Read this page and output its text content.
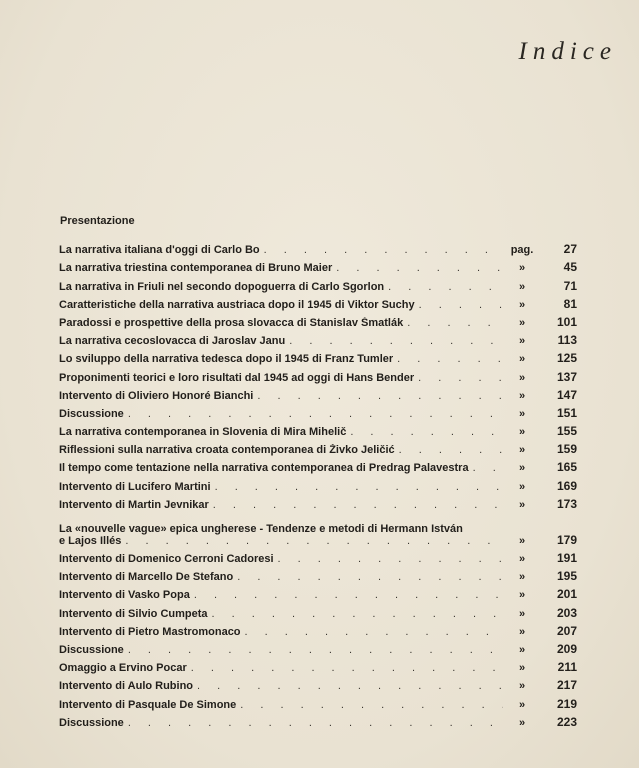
Indice
Presentazione
La narrativa italiana d'oggi di Carlo Bo . . .	pag.	27
La narrativa triestina contemporanea di Bruno Maier . . .	»	45
La narrativa in Friuli nel secondo dopoguerra di Carlo Sgorlon . . .	»	71
Caratteristiche della narrativa austriaca dopo il 1945 di Viktor Suchy . . .	»	81
Paradossi e prospettive della prosa slovacca di Stanislav Šmatlák . . .	»	101
La narrativa cecoslovacca di Jaroslav Janu . . .	»	113
Lo sviluppo della narrativa tedesca dopo il 1945 di Franz Tumler . . .	»	125
Proponimenti teorici e loro risultati dal 1945 ad oggi di Hans Bender . . .	»	137
Intervento di Oliviero Honoré Bianchi . . .	»	147
Discussione . . .	»	151
La narrativa contemporanea in Slovenia di Mira Mihelič . . .	»	155
Riflessioni sulla narrativa croata contemporanea di Živko Jeličić . . .	»	159
Il tempo come tentazione nella narrativa contemporanea di Predrag Palavestra . . .	»	165
Intervento di Lucifero Martini . . .	»	169
Intervento di Martin Jevnikar . . .	»	173
La «nouvelle vague» epica ungherese - Tendenze e metodi di Hermann István
e Lajos Illés . . .	»	179
Intervento di Domenico Cerroni Cadoresi . . .	»	191
Intervento di Marcello De Stefano . . .	»	195
Intervento di Vasko Popa . . .	»	201
Intervento di Silvio Cumpeta . . .	»	203
Intervento di Pietro Mastromonaco . . .	»	207
Discussione . . .	»	209
Omaggio a Ervino Pocar . . .	»	211
Intervento di Aulo Rubino . . .	»	217
Intervento di Pasquale De Simone . . .	»	219
Discussione . . .	»	223
